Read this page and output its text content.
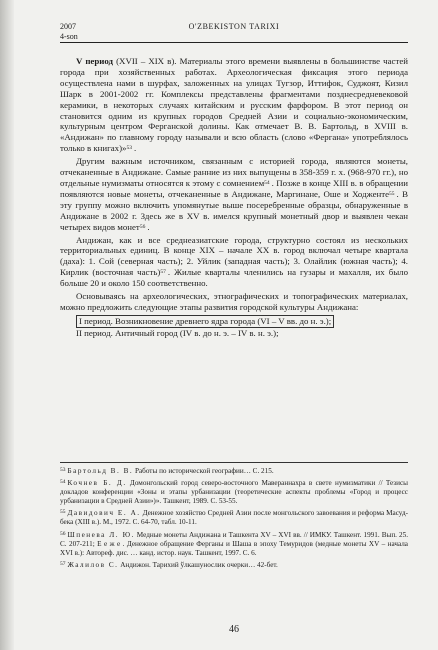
2007
4-son
O'ZBEKISTON TARIXI

V период (XVII – XIX в). Материалы этого времени выявлены в большинстве частей города при хозяйственных работах. Археологическая фиксация этого периода осуществлена нами в шурфах, заложенных на улицах Тугзор, Иттифок, Суджоят, Кизил Шарк в 2001-2002 гг. Комплексы представлены фрагментами позднесредневековой керамики, в некоторых случаях китайским и русским фарфором. В этот период он становится одним из крупных городов Средней Азии и социально-экономическим, культурным центром Ферганской долины. Как отмечает В. В. Бартольд, в XVIII в. «Андижан» по главному городу называли и всю область (слово «Фергана» употреблялось только в книгах)»$^{53}$ .

Другим важным источником, связанным с историей города, являются монеты, отчеканенные в Андижане. Самые ранние из них выпущены в 358-359 г. х. (968-970 гг.), но отдельные нумизматы относятся к этому с сомнением$^{54}$ . Позже в конце XIII в. в обращении появляются новые монеты, отчеканенные в Андижане, Маргинане, Оше и Ходженте$^{55}$ . В эту группу можно включить упомянутые выше посеребренные образцы, обнаруженные в Андижане в 2002 г. Здесь же в XV в. имелся крупный монетный двор и выявлен чекан четырех видов монет$^{56}$ .

Андижан, как и все среднеазиатские города, структурно состоял из нескольких территориальных единиц. В конце XIX – начале XX в. город включал четыре квартала (даха): 1. Сой (северная часть); 2. Уйлик (западная часть); 3. Олайлик (южная часть); 4. Кирлик (восточная часть)$^{57}$ . Жилые кварталы членились на гузары и махалля, их было больше 20 и около 150 соответственно.

Основываясь на археологических, этнографических и топографических материалах, можно предложить следующие этапы развития городской культуры Андижана:

I период. Возникновение древнего ядра города (VI – V вв. до н. э.);
II период. Античный город (IV в. до н. э. – IV в. н. э.);

$^{53}$ Бартольд В. В. Работы по исторической географии… С. 215.

$^{54}$ Кочнев Б. Д. Домонгольский город северо-восточного Мавераннахра в свете нумизматики // Тезисы докладов конференции «Зоны и этапы урбанизации (теоретические аспекты проблемы «Город и процесс урбанизации в Средней Азии»)». Ташкент, 1989. С. 53-55.

$^{55}$ Давидович Е. А. Денежное хозяйство Средней Азии после монгольского завоевания и реформа Масуд-бека (XIII в.). М., 1972. С. 64-70, табл. 10-11.

$^{56}$ Шпенева Л. Ю. Медные монеты Андижана и Ташкента XV – XVI вв. // ИМКУ. Ташкент. 1991. Вып. 25. С. 207-211; Е е ж е . Денежное обращение Ферганы и Шаша в эпоху Темуридов (медные монеты XV – начала XVI в.): Автореф. дис. … канд. истор. наук. Ташкент, 1997. С. 6.

$^{57}$ Жалилов С. Андижон. Тарихий ўлкашунослик очерки… 42-бет.

46
